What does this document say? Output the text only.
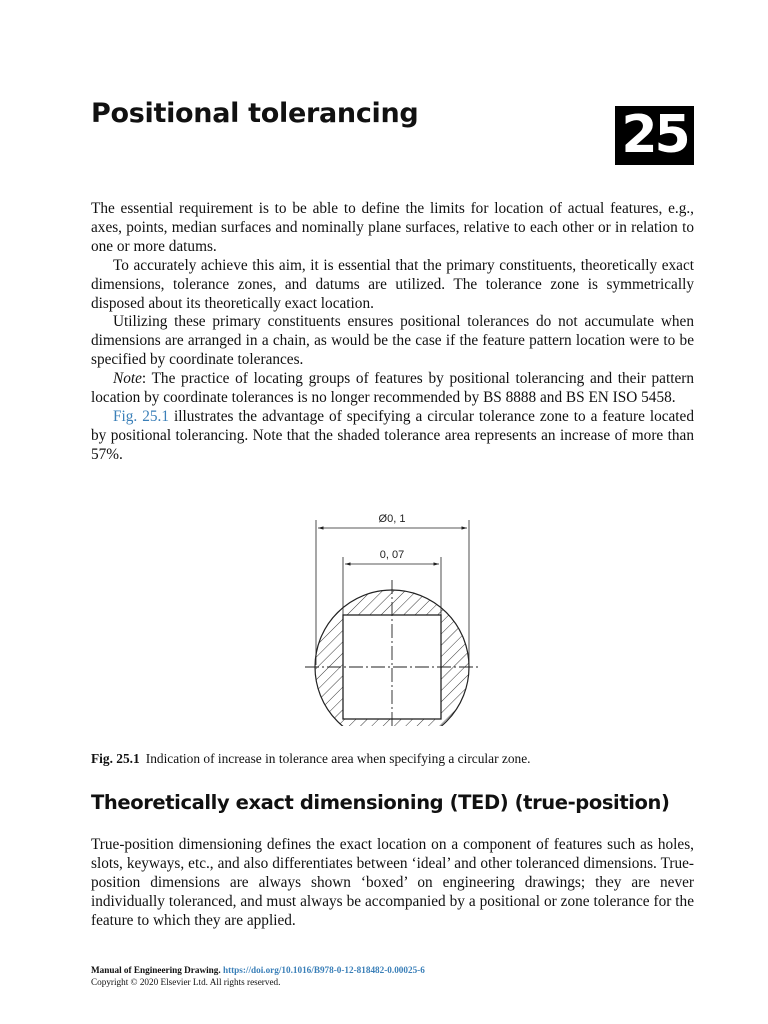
Positional tolerancing	25

The essential requirement is to be able to define the limits for location of actual features, e.g., axes, points, median surfaces and nominally plane surfaces, relative to each other or in relation to one or more datums.

To accurately achieve this aim, it is essential that the primary constituents, theoretically exact dimensions, tolerance zones, and datums are utilized. The tolerance zone is symmetrically disposed about its theoretically exact location.

Utilizing these primary constituents ensures positional tolerances do not accumulate when dimensions are arranged in a chain, as would be the case if the feature pattern location were to be specified by coordinate tolerances.

Note: The practice of locating groups of features by positional tolerancing and their pattern location by coordinate tolerances is no longer recommended by BS 8888 and BS EN ISO 5458.

Fig. 25.1 illustrates the advantage of specifying a circular tolerance zone to a feature located by positional tolerancing. Note that the shaded tolerance area represents an increase of more than 57%.

Ø0, 1
0, 07

Fig. 25.1 Indication of increase in tolerance area when specifying a circular zone.

Theoretically exact dimensioning (TED) (true-position)

True-position dimensioning defines the exact location on a component of features such as holes, slots, keyways, etc., and also differentiates between ‘ideal’ and other toleranced dimensions. True-position dimensions are always shown ‘boxed’ on engineering drawings; they are never individually toleranced, and must always be accompanied by a positional or zone tolerance for the feature to which they are applied.

Manual of Engineering Drawing. https://doi.org/10.1016/B978-0-12-818482-0.00025-6
Copyright © 2020 Elsevier Ltd. All rights reserved.
